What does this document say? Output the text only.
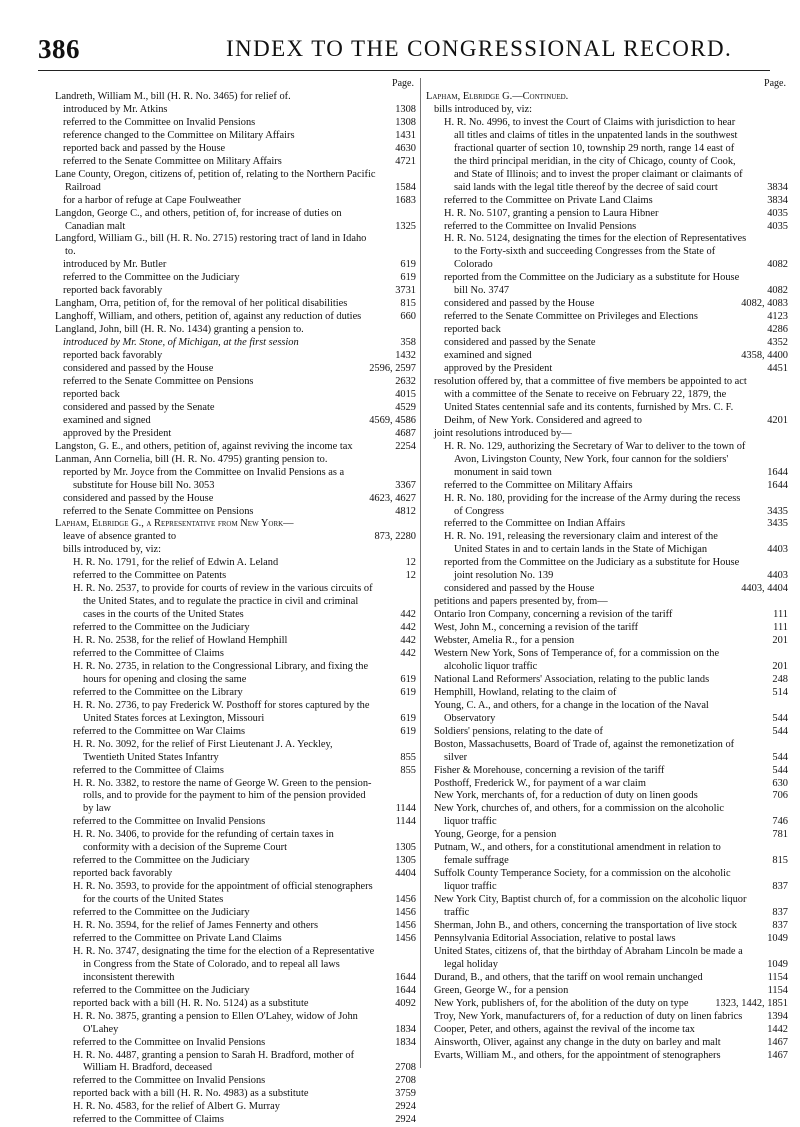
386	INDEX TO THE CONGRESSIONAL RECORD.
Page.
Landreth, William M., bill (H. R. No. 3465) for relief of.
introduced by Mr. Atkins	1308
referred to the Committee on Invalid Pensions	1308
reference changed to the Committee on Military Affairs	1431
reported back and passed by the House	4630
referred to the Senate Committee on Military Affairs	4721
Lane County, Oregon, citizens of, petition of, relating to the Northern Pacific Railroad	1584
for a harbor of refuge at Cape Foulweather	1683
Langdon, George C., and others, petition of, for increase of duties on Canadian malt	1325
Langford, William G., bill (H. R. No. 2715) restoring tract of land in Idaho to.
introduced by Mr. Butler	619
referred to the Committee on the Judiciary	619
reported back favorably	3731
Langham, Orra, petition of, for the removal of her political disabilities	815
Langhoff, William, and others, petition of, against any reduction of duties	660
Langland, John, bill (H. R. No. 1434) granting a pension to.
introduced by Mr. Stone, of Michigan, at the first session	358
reported back favorably	1432
considered and passed by the House	2596, 2597
referred to the Senate Committee on Pensions	2632
reported back	4015
considered and passed by the Senate	4529
examined and signed	4569, 4586
approved by the President	4687
Langston, G. E., and others, petition of, against reviving the income tax	2254
Lanman, Ann Cornelia, bill (H. R. No. 4795) granting pension to.
reported by Mr. Joyce from the Committee on Invalid Pensions as a substitute for House bill No. 3053	3367
considered and passed by the House	4623, 4627
referred to the Senate Committee on Pensions	4812
Lapham, Elbridge G., a Representative from New York—
leave of absence granted to	873, 2280
bills introduced by, viz:
H. R. No. 1791, for the relief of Edwin A. Leland	12
referred to the Committee on Patents	12
H. R. No. 2537, to provide for courts of review in the various circuits of the United States, and to regulate the practice in civil and criminal cases in the courts of the United States	442
referred to the Committee on the Judiciary	442
H. R. No. 2538, for the relief of Howland Hemphill	442
referred to the Committee of Claims	442
H. R. No. 2735, in relation to the Congressional Library, and fixing the hours for opening and closing the same	619
referred to the Committee on the Library	619
H. R. No. 2736, to pay Frederick W. Posthoff for stores captured by the United States forces at Lexington, Missouri	619
referred to the Committee on War Claims	619
H. R. No. 3092, for the relief of First Lieutenant J. A. Yeckley, Twentieth United States Infantry	855
referred to the Committee of Claims	855
H. R. No. 3382, to restore the name of George W. Green to the pension-rolls, and to provide for the payment to him of the pension provided by law	1144
referred to the Committee on Invalid Pensions	1144
H. R. No. 3406, to provide for the refunding of certain taxes in conformity with a decision of the Supreme Court	1305
referred to the Committee on the Judiciary	1305
reported back favorably	4404
H. R. No. 3593, to provide for the appointment of official stenographers for the courts of the United States	1456
referred to the Committee on the Judiciary	1456
H. R. No. 3594, for the relief of James Fennerty and others	1456
referred to the Committee on Private Land Claims	1456
H. R. No. 3747, designating the time for the election of a Representative in Congress from the State of Colorado, and to repeal all laws inconsistent therewith	1644
referred to the Committee on the Judiciary	1644
reported back with a bill (H. R. No. 5124) as a substitute	4092
H. R. No. 3875, granting a pension to Ellen O'Lahey, widow of John O'Lahey	1834
referred to the Committee on Invalid Pensions	1834
H. R. No. 4487, granting a pension to Sarah H. Bradford, mother of William H. Bradford, deceased	2708
referred to the Committee on Invalid Pensions	2708
reported back with a bill (H. R. No. 4983) as a substitute	3759
H. R. No. 4583, for the relief of Albert G. Murray	2924
referred to the Committee of Claims	2924
Page.
Lapham, Elbridge G.—Continued.
bills introduced by, viz:
H. R. No. 4996, to invest the Court of Claims with jurisdiction to hear all titles and claims of titles in the unpatented lands in the southwest fractional quarter of section 10, township 29 north, range 14 east of the third principal meridian, in the city of Chicago, county of Cook, and State of Illinois; and to invest the proper claimant or claimants of said lands with the legal title thereof by the decree of said court	3834
referred to the Committee on Private Land Claims	3834
H. R. No. 5107, granting a pension to Laura Hibner	4035
referred to the Committee on Invalid Pensions	4035
H. R. No. 5124, designating the times for the election of Representatives to the Forty-sixth and succeeding Congresses from the State of Colorado	4082
reported from the Committee on the Judiciary as a substitute for House bill No. 3747	4082
considered and passed by the House	4082, 4083
referred to the Senate Committee on Privileges and Elections	4123
reported back	4286
considered and passed by the Senate	4352
examined and signed	4358, 4400
approved by the President	4451
resolution offered by, that a committee of five members be appointed to act with a committee of the Senate to receive on February 22, 1879, the United States centennial safe and its contents, furnished by Mrs. C. F. Deihm, of New York. Considered and agreed to	4201
joint resolutions introduced by—
H. R. No. 129, authorizing the Secretary of War to deliver to the town of Avon, Livingston County, New York, four cannon for the soldiers' monument in said town	1644
referred to the Committee on Military Affairs	1644
H. R. No. 180, providing for the increase of the Army during the recess of Congress	3435
referred to the Committee on Indian Affairs	3435
H. R. No. 191, releasing the reversionary claim and interest of the United States in and to certain lands in the State of Michigan	4403
reported from the Committee on the Judiciary as a substitute for House joint resolution No. 139	4403
considered and passed by the House	4403, 4404
petitions and papers presented by, from—
Ontario Iron Company, concerning a revision of the tariff	111
West, John M., concerning a revision of the tariff	111
Webster, Amelia R., for a pension	201
Western New York, Sons of Temperance of, for a commission on the alcoholic liquor traffic	201
National Land Reformers' Association, relating to the public lands	248
Hemphill, Howland, relating to the claim of	514
Young, C. A., and others, for a change in the location of the Naval Observatory	544
Soldiers' pensions, relating to the date of	544
Boston, Massachusetts, Board of Trade of, against the remonetization of silver	544
Fisher & Morehouse, concerning a revision of the tariff	544
Posthoff, Frederick W., for payment of a war claim	630
New York, merchants of, for a reduction of duty on linen goods	706
New York, churches of, and others, for a commission on the alcoholic liquor traffic	746
Young, George, for a pension	781
Putnam, W., and others, for a constitutional amendment in relation to female suffrage	815
Suffolk County Temperance Society, for a commission on the alcoholic liquor traffic	837
New York City, Baptist church of, for a commission on the alcoholic liquor traffic	837
Sherman, John B., and others, concerning the transportation of live stock	837
Pennsylvania Editorial Association, relative to postal laws	1049
United States, citizens of, that the birthday of Abraham Lincoln be made a legal holiday	1049
Durand, B., and others, that the tariff on wool remain unchanged	1154
Green, George W., for a pension	1154
New York, publishers of, for the abolition of the duty on type	1323, 1442, 1851
Troy, New York, manufacturers of, for a reduction of duty on linen fabrics 1394
Cooper, Peter, and others, against the revival of the income tax	1442
Ainsworth, Oliver, against any change in the duty on barley and malt	1467
Evarts, William M., and others, for the appointment of stenographers	1467
